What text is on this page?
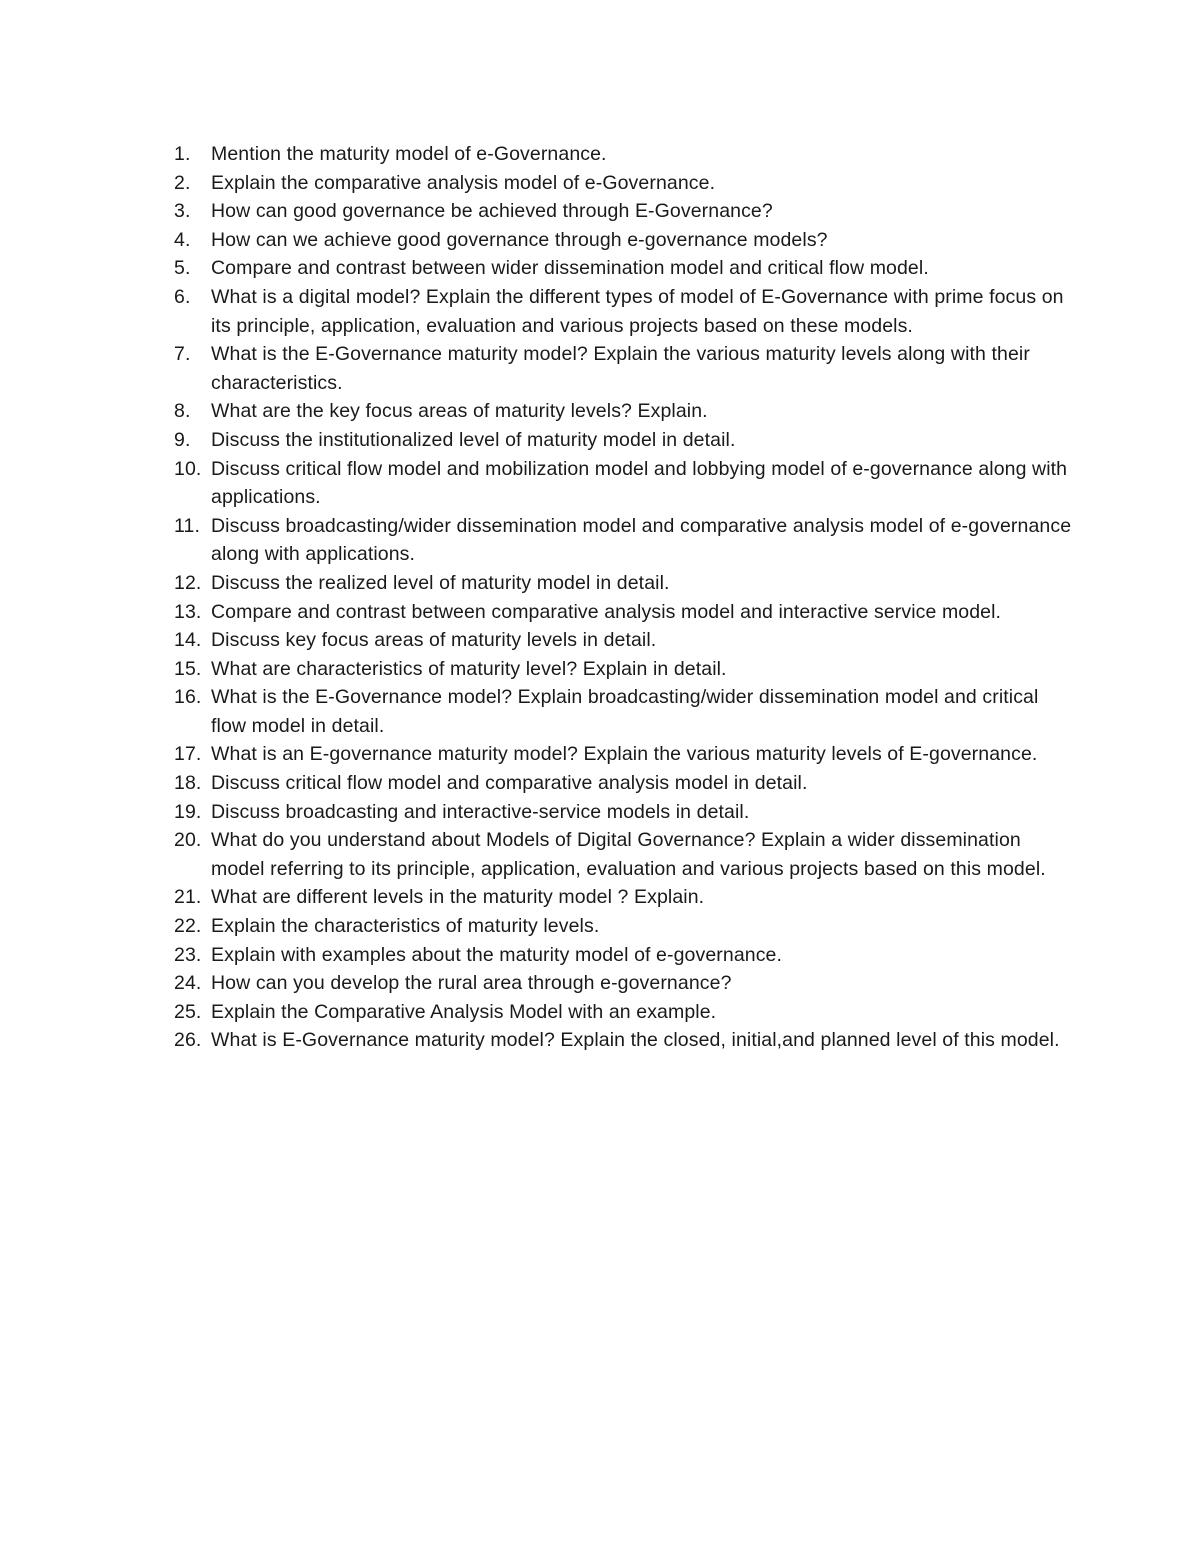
1.	Mention the maturity model of e-Governance.
2.	Explain the comparative analysis model of e-Governance.
3.	How can good governance be achieved through E-Governance?
4.	How can we achieve good governance through e-governance models?
5.	Compare and contrast between wider dissemination model and critical flow model.
6.	What is a digital model? Explain the different types of model of E-Governance with prime focus on its principle, application, evaluation and various projects based on these models.
7.	What is the E-Governance maturity model? Explain the various maturity levels along with their characteristics.
8.	What are the key focus areas of maturity levels? Explain.
9.	Discuss the institutionalized level of maturity model in detail.
10. Discuss critical flow model and mobilization model and lobbying model of e-governance along with applications.
11. Discuss broadcasting/wider dissemination model and comparative analysis model of e-governance along with applications.
12. Discuss the realized level of maturity model in detail.
13. Compare and contrast between comparative analysis model and interactive service model.
14. Discuss key focus areas of maturity levels in detail.
15. What are characteristics of maturity level? Explain in detail.
16. What is the E-Governance model? Explain broadcasting/wider dissemination model and critical flow model in detail.
17. What is an E-governance maturity model? Explain the various maturity levels of E-governance.
18. Discuss critical flow model and comparative analysis model in detail.
19. Discuss broadcasting and interactive-service models in detail.
20. What do you understand about Models of Digital Governance? Explain a wider dissemination model referring to its principle, application, evaluation and various projects based on this model.
21. What are different levels in the maturity model ? Explain.
22. Explain the characteristics of maturity levels.
23. Explain with examples about the maturity model of e-governance.
24. How can you develop the rural area through e-governance?
25. Explain the Comparative Analysis Model with an example.
26. What is E-Governance maturity model? Explain the closed, initial,and planned level of this model.
